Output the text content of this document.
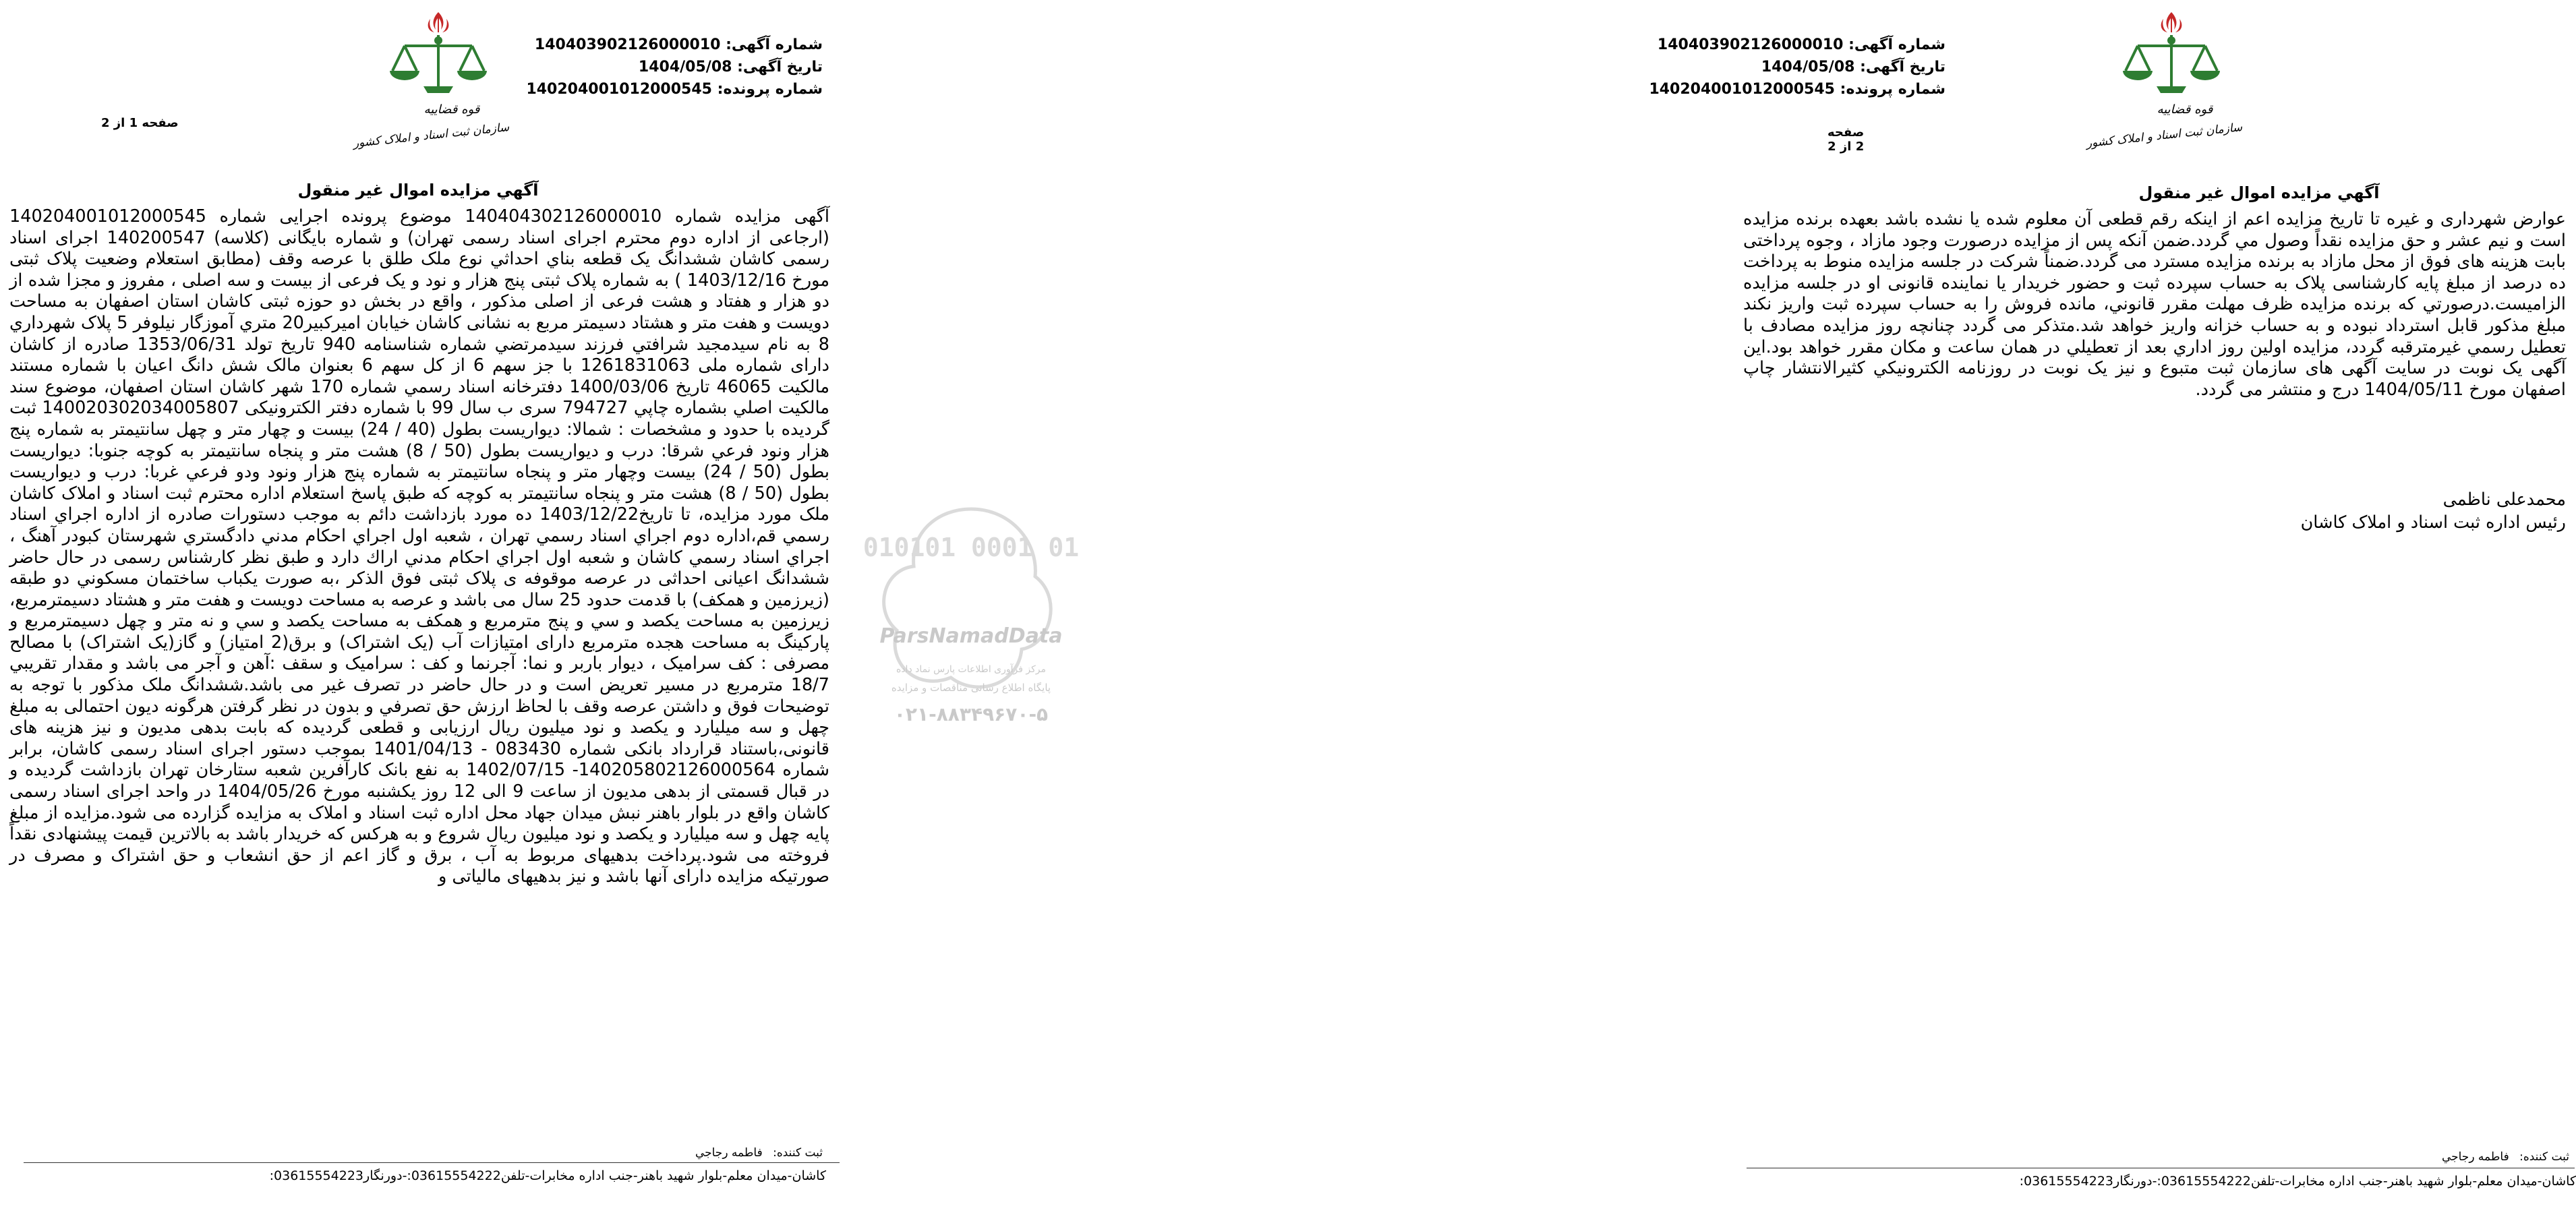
شماره آگهی: 140403902126000010
تاریخ آگهی: 1404/05/08
شماره پرونده: 140204001012000545
قوه قضاییه
سازمان ثبت اسناد و املاک کشور
صفحه 1 از 2
آگهي مزايده اموال غير منقول

آگهی مزایده شماره 140404302126000010 موضوع پرونده اجرایی شماره 140204001012000545 (ارجاعی از اداره دوم محترم اجرای اسناد رسمی تهران) و شماره بایگانی (کلاسه) 140200547 اجرای اسناد رسمی کاشان ششدانگ یک قطعه بناي احداثي نوع ملک طلق با عرصه وقف (مطابق استعلام وضعیت پلاک ثبتی مورخ 1403/12/16 ) به شماره پلاک ثبتی پنج هزار و نود و یک فرعی از بیست و سه اصلی ، مفروز و مجزا شده از دو هزار و هفتاد و هشت فرعی از اصلی مذکور ، واقع در بخش دو حوزه ثبتی کاشان استان اصفهان به مساحت دویست و هفت متر و هشتاد دسیمتر مربع به نشانی کاشان خیابان امیرکبیر20 متري آموزگار نیلوفر 5 پلاک شهرداري 8 به نام سیدمجید شرافتي فرزند سیدمرتضي شماره شناسنامه 940 تاریخ تولد 1353/06/31 صادره از کاشان دارای شماره ملی 1261831063 با جز سهم 6 از کل سهم 6 بعنوان مالک شش دانگ اعیان با شماره مستند مالکیت 46065 تاریخ 1400/03/06 دفترخانه اسناد رسمي شماره 170 شهر کاشان استان اصفهان، موضوع سند مالکیت اصلي بشماره چاپي 794727 سری ب سال 99 با شماره دفتر الکترونیکی 140020302034005807 ثبت گردیده با حدود و مشخصات : شمالا: دیواریست بطول (40 / 24) بیست و چهار متر و چهل سانتیمتر به شماره پنج هزار ونود فرعي شرقا: درب و دیواریست بطول (50 / 8) هشت متر و پنجاه سانتیمتر به کوچه جنوبا: دیواریست بطول (50 / 24) بیست وچهار متر و پنجاه سانتیمتر به شماره پنج هزار ونود ودو فرعي غربا: درب و دیواریست بطول (50 / 8) هشت متر و پنجاه سانتیمتر به کوچه که طبق پاسخ استعلام اداره محترم ثبت اسناد و املاک کاشان ملک مورد مزایده، تا تاریخ1403/12/22 ده مورد بازداشت دائم به موجب دستورات صادره از اداره اجراي اسناد رسمي قم،اداره دوم اجراي اسناد رسمي تهران ، شعبه اول اجراي احکام مدني دادگستري شهرستان کبودر آهنگ ، اجراي اسناد رسمي کاشان و شعبه اول اجراي احکام مدني اراك دارد و طبق نظر کارشناس رسمی در حال حاضر ششدانگ اعیانی احداثی در عرصه موقوفه ی پلاک ثبتی فوق الذکر ،به صورت یکباب ساختمان مسکوني دو طبقه (زیرزمین و همکف) با قدمت حدود 25 سال می باشد و عرصه به مساحت دویست و هفت متر و هشتاد دسیمترمربع، زیرزمین به مساحت یکصد و سي و پنج مترمربع و همکف به مساحت یکصد و سي و نه متر و چهل دسیمترمربع و پارکینگ به مساحت هجده مترمربع دارای امتیازات آب (یک اشتراک) و برق(2 امتیاز) و گاز(یک اشتراک) با مصالح مصرفی : کف سرامیک ، دیوار باربر و نما: آجرنما و کف : سرامیک و سقف :آهن و آجر می باشد و مقدار تقریبي 18/7 مترمربع در مسیر تعریض است و در حال حاضر در تصرف غیر می باشد.ششدانگ ملک مذکور با توجه به توضیحات فوق و داشتن عرصه وقف با لحاظ ارزش حق تصرفي و بدون در نظر گرفتن هرگونه دیون احتمالی به مبلغ چهل و سه میلیارد و یکصد و نود میلیون ریال ارزیابی و قطعی گردیده که بابت بدهی مدیون و نیز هزینه های قانونی،باستناد قرارداد بانکی شماره 083430 - 1401/04/13 بموجب دستور اجرای اسناد رسمی کاشان، برابر شماره 140205802126000564- 1402/07/15 به نفع بانک کارآفرین شعبه ستارخان تهران بازداشت گردیده و در قبال قسمتی از بدهی مدیون از ساعت 9 الی 12 روز یکشنبه مورخ 1404/05/26 در واحد اجرای اسناد رسمی کاشان واقع در بلوار باهنر نبش میدان جهاد محل اداره ثبت اسناد و املاک به مزایده گزارده می شود.مزایده از مبلغ پایه چهل و سه میلیارد و یکصد و نود میلیون ریال شروع و به هرکس که خریدار باشد به بالاترین قیمت پیشنهادی نقداً فروخته می شود.پرداخت بدهیهای مربوط به آب ، برق و گاز اعم از حق انشعاب و حق اشتراک و مصرف در صورتیکه مزایده دارای آنها باشد و نیز بدهیهای مالیاتی و

ثبت کننده: فاطمه رجاجي
کاشان-میدان معلم-بلوار شهید باهنر-جنب اداره مخابرات-تلفن03615554222:-دورنگار03615554223:
شماره آگهی: 140403902126000010
تاریخ آگهی: 1404/05/08
شماره پرونده: 140204001012000545
قوه قضاییه
سازمان ثبت اسناد و املاک کشور
صفحه 2 از 2
آگهي مزايده اموال غير منقول

عوارض شهرداری و غیره تا تاریخ مزایده اعم از اینکه رقم قطعی آن معلوم شده یا نشده باشد بعهده برنده مزایده است و نیم عشر و حق مزایده نقداً وصول مي گردد.ضمن آنکه پس از مزایده درصورت وجود مازاد ، وجوه پرداختی بابت هزینه های فوق از محل مازاد به برنده مزایده مسترد می گردد.ضمناً شرکت در جلسه مزایده منوط به پرداخت ده درصد از مبلغ پایه کارشناسی پلاک به حساب سپرده ثبت و حضور خریدار یا نماینده قانونی او در جلسه مزایده الزامیست.درصورتي که برنده مزایده ظرف مهلت مقرر قانوني، مانده فروش را به حساب سپرده ثبت واریز نکند مبلغ مذکور قابل استرداد نبوده و به حساب خزانه واریز خواهد شد.متذکر می گردد چنانچه روز مزایده مصادف با تعطیل رسمي غیرمترقبه گردد، مزایده اولین روز اداري بعد از تعطیلي در همان ساعت و مکان مقرر خواهد بود.این آگهی یک نوبت در سایت آگهی های سازمان ثبت متبوع و نیز یک نوبت در روزنامه الکترونیکي کثیرالانتشار چاپ اصفهان مورخ 1404/05/11 درج و منتشر می گردد.

محمدعلی ناظمی
رئیس اداره ثبت اسناد و املاک کاشان
ثبت کننده: فاطمه رجاجي
کاشان-میدان معلم-بلوار شهید باهنر-جنب اداره مخابرات-تلفن03615554222:-دورنگار03615554223:
010101 0001 01
ParsNamadData
مرکز فرآوری اطلاعات پارس نماد داده
پایگاه اطلاع رسانی مناقصات و مزایده
۰۲۱-۸۸۳۴۹۶۷۰-۵
